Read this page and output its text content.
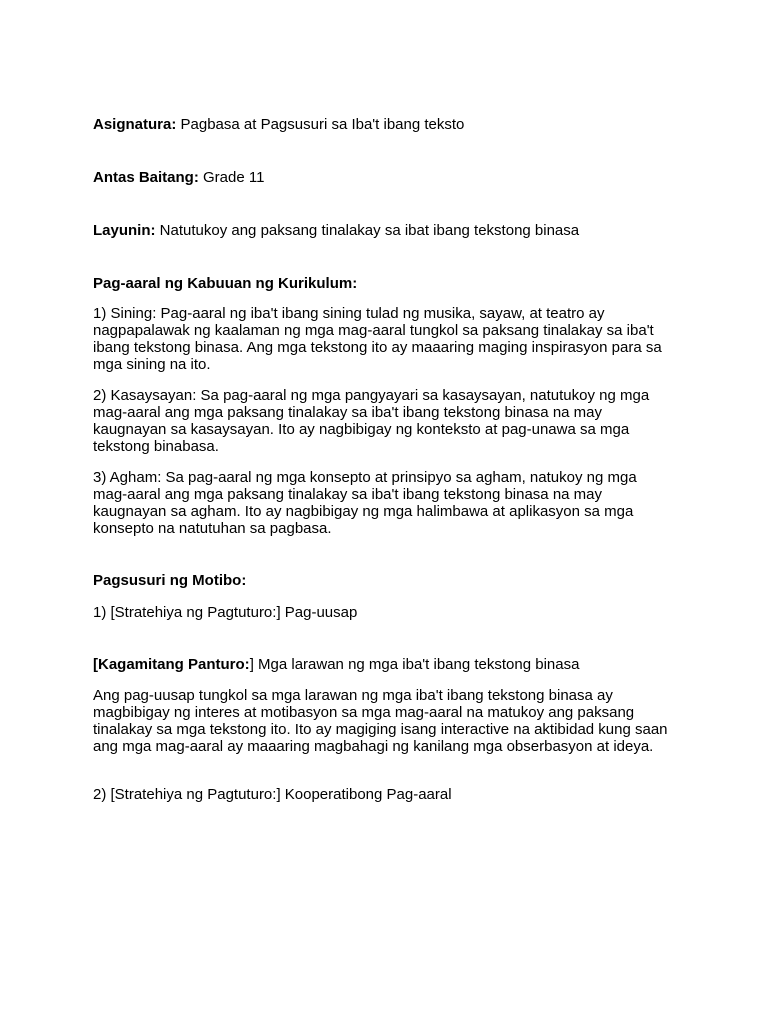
Asignatura: Pagbasa at Pagsusuri sa Iba't ibang teksto

Antas Baitang: Grade 11

Layunin: Natutukoy ang paksang tinalakay sa ibat ibang tekstong binasa

Pag-aaral ng Kabuuan ng Kurikulum:

1) Sining: Pag-aaral ng iba't ibang sining tulad ng musika, sayaw, at teatro ay nagpapalawak ng kaalaman ng mga mag-aaral tungkol sa paksang tinalakay sa iba't ibang tekstong binasa. Ang mga tekstong ito ay maaaring maging inspirasyon para sa mga sining na ito.

2) Kasaysayan: Sa pag-aaral ng mga pangyayari sa kasaysayan, natutukoy ng mga mag-aaral ang mga paksang tinalakay sa iba't ibang tekstong binasa na may kaugnayan sa kasaysayan. Ito ay nagbibigay ng konteksto at pag-unawa sa mga tekstong binabasa.

3) Agham: Sa pag-aaral ng mga konsepto at prinsipyo sa agham, natukoy ng mga mag-aaral ang mga paksang tinalakay sa iba't ibang tekstong binasa na may kaugnayan sa agham. Ito ay nagbibigay ng mga halimbawa at aplikasyon sa mga konsepto na natutuhan sa pagbasa.

Pagsusuri ng Motibo:

1) [Stratehiya ng Pagtuturo:] Pag-uusap

[Kagamitang Panturo:] Mga larawan ng mga iba't ibang tekstong binasa

Ang pag-uusap tungkol sa mga larawan ng mga iba't ibang tekstong binasa ay magbibigay ng interes at motibasyon sa mga mag-aaral na matukoy ang paksang tinalakay sa mga tekstong ito. Ito ay magiging isang interactive na aktibidad kung saan ang mga mag-aaral ay maaaring magbahagi ng kanilang mga obserbasyon at ideya.

2) [Stratehiya ng Pagtuturo:] Kooperatibong Pag-aaral
